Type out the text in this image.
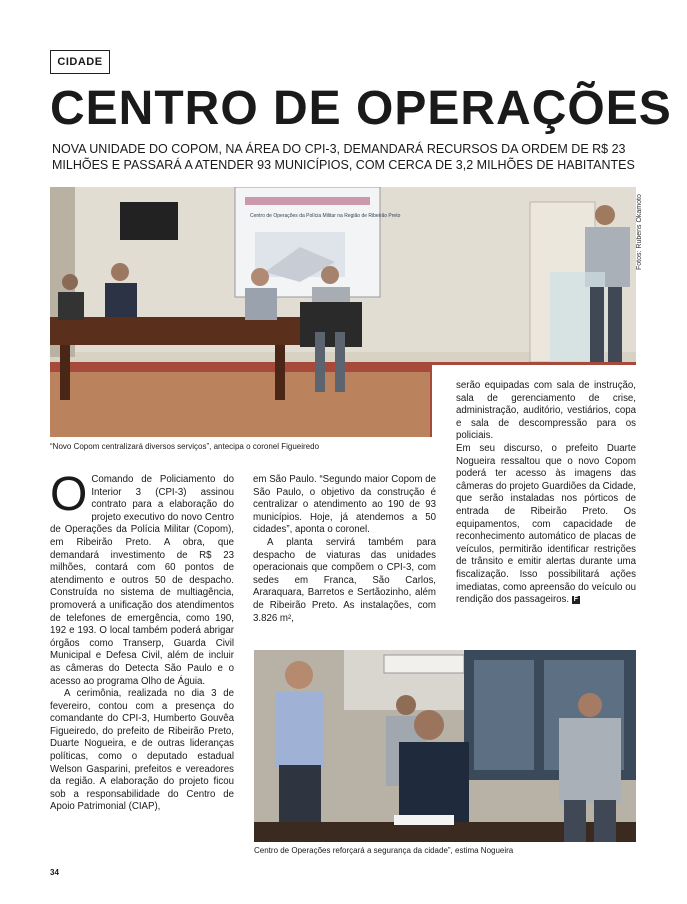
CIDADE
CENTRO DE OPERAÇÕES
NOVA UNIDADE DO COPOM, NA ÁREA DO CPI-3, DEMANDARÁ RECURSOS DA ORDEM DE R$ 23 MILHÕES E PASSARÁ A ATENDER 93 MUNICÍPIOS, COM CERCA DE 3,2 MILHÕES DE HABITANTES
Centro de Operações da Polícia Militar na Região de Ribeirão Preto	Fotos: Rubens Okamoto
“Novo Copom centralizará diversos serviços”, antecipa o coronel Figueiredo

O Comando de Policiamento do Interior 3 (CPI-3) assinou contrato para a elaboração do projeto executivo do novo Centro de Operações da Polícia Militar (Copom), em Ribeirão Preto. A obra, que demandará investimento de R$ 23 milhões, contará com 60 pontos de atendimento e outros 50 de despacho. Construída no sistema de multiagência, promoverá a unificação dos atendimentos de telefones de emergência, como 190, 192 e 193. O local também poderá abrigar órgãos como Transerp, Guarda Civil Municipal e Defesa Civil, além de incluir as câmeras do Detecta São Paulo e o acesso ao programa Olho de Águia.

A cerimônia, realizada no dia 3 de fevereiro, contou com a presença do comandante do CPI-3, Humberto Gouvêa Figueiredo, do prefeito de Ribeirão Preto, Duarte Nogueira, e de outras lideranças políticas, como o deputado estadual Welson Gasparini, prefeitos e vereadores da região. A elaboração do projeto ficou sob a responsabilidade do Centro de Apoio Patrimonial (CIAP),

em São Paulo. “Segundo maior Copom de São Paulo, o objetivo da construção é centralizar o atendimento ao 190 de 93 municípios. Hoje, já atendemos a 50 cidades”, aponta o coronel.

A planta servirá também para despacho de viaturas das unidades operacionais que compõem o CPI-3, com sedes em Franca, São Carlos, Araraquara, Barretos e Sertãozinho, além de Ribeirão Preto. As instalações, com 3.826 m²,

serão equipadas com sala de instrução, sala de gerenciamento de crise, administração, auditório, vestiários, copa e sala de descompressão para os policiais.

Em seu discurso, o prefeito Duarte Nogueira ressaltou que o novo Copom poderá ter acesso às imagens das câmeras do projeto Guardiões da Cidade, que serão instaladas nos pórticos de entrada de Ribeirão Preto. Os equipamentos, com capacidade de reconhecimento automático de placas de veículos, permitirão identificar restrições de trânsito e emitir alertas durante uma fiscalização. Isso possibilitará ações imediatas, como apreensão do veículo ou rendição dos passageiros. F

Centro de Operações reforçará a segurança da cidade”, estima Nogueira
34
